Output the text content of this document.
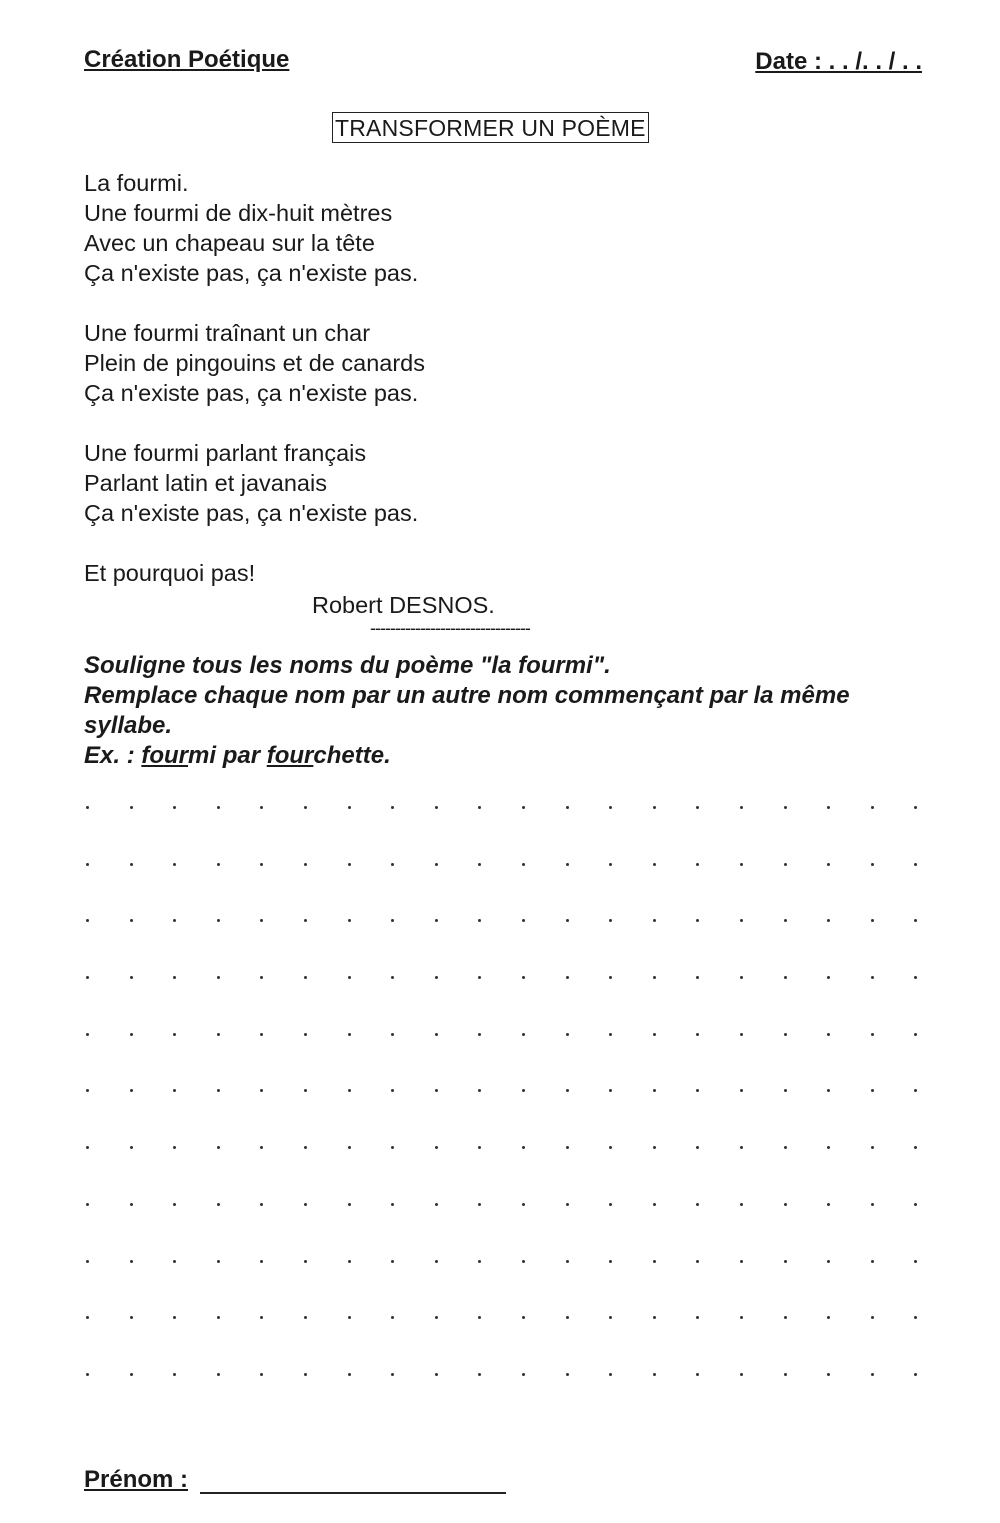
Création Poétique	Date : . . /. . / . .
TRANSFORMER UN POÈME
La fourmi.
Une fourmi de dix-huit mètres
Avec un chapeau sur la tête
Ça n'existe pas, ça n'existe pas.
Une fourmi traînant un char
Plein de pingouins et de canards
Ça n'existe pas, ça n'existe pas.
Une fourmi parlant français
Parlant latin et javanais
Ça n'existe pas, ça n'existe pas.
Et pourquoi pas!
Robert DESNOS.
--------------------------------
Souligne tous les noms du poème "la fourmi".
Remplace chaque nom par un autre nom commençant par la même syllabe.
Ex. : fourmi par fourchette.
Prénom :
